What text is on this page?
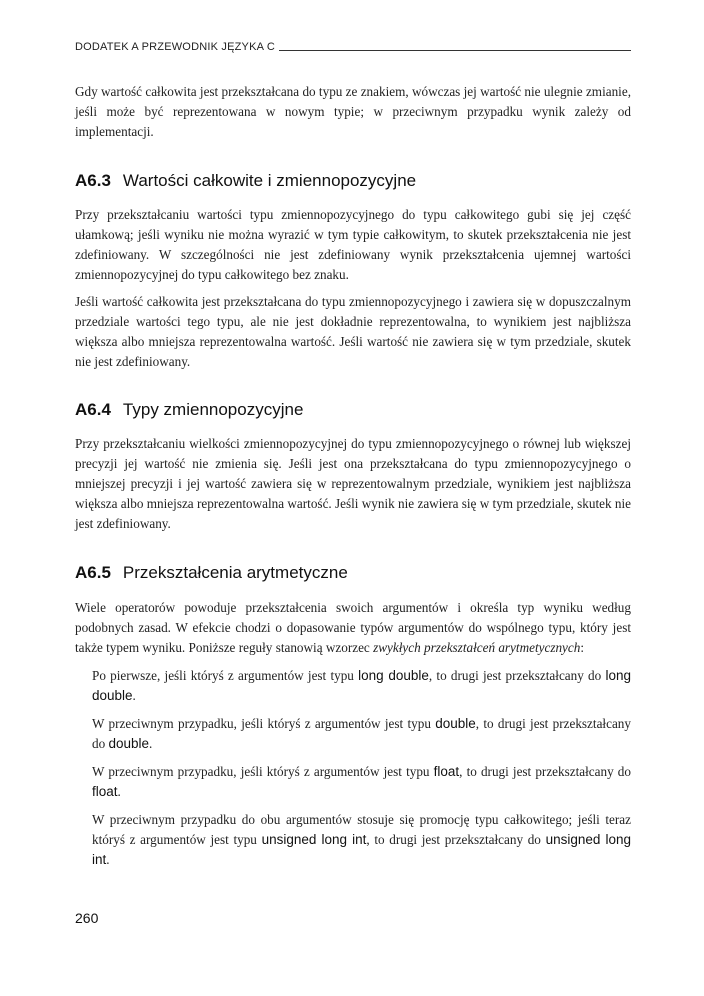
DODATEK A PRZEWODNIK JĘZYKA C

Gdy wartość całkowita jest przekształcana do typu ze znakiem, wówczas jej wartość nie ulegnie zmianie, jeśli może być reprezentowana w nowym typie; w przeciwnym przypadku wynik zależy od implementacji.

A6.3 Wartości całkowite i zmiennopozycyjne

Przy przekształcaniu wartości typu zmiennopozycyjnego do typu całkowitego gubi się jej część ułamkową; jeśli wyniku nie można wyrazić w tym typie całkowitym, to skutek przekształcenia nie jest zdefiniowany. W szczególności nie jest zdefiniowany wynik przekształcenia ujemnej wartości zmiennopozycyjnej do typu całkowitego bez znaku.

Jeśli wartość całkowita jest przekształcana do typu zmiennopozycyjnego i zawiera się w dopuszczalnym przedziale wartości tego typu, ale nie jest dokładnie reprezentowalna, to wynikiem jest najbliższa większa albo mniejsza reprezentowalna wartość. Jeśli wartość nie zawiera się w tym przedziale, skutek nie jest zdefiniowany.

A6.4 Typy zmiennopozycyjne

Przy przekształcaniu wielkości zmiennopozycyjnej do typu zmiennopozycyjnego o równej lub większej precyzji jej wartość nie zmienia się. Jeśli jest ona przekształcana do typu zmiennopozycyjnego o mniejszej precyzji i jej wartość zawiera się w reprezentowalnym przedziale, wynikiem jest najbliższa większa albo mniejsza reprezentowalna wartość. Jeśli wynik nie zawiera się w tym przedziale, skutek nie jest zdefiniowany.

A6.5 Przekształcenia arytmetyczne

Wiele operatorów powoduje przekształcenia swoich argumentów i określa typ wyniku według podobnych zasad. W efekcie chodzi o dopasowanie typów argumentów do wspólnego typu, który jest także typem wyniku. Poniższe reguły stanowią wzorzec zwykłych przekształceń arytmetycznych:

Po pierwsze, jeśli któryś z argumentów jest typu long double, to drugi jest przekształcany do long double.

W przeciwnym przypadku, jeśli któryś z argumentów jest typu double, to drugi jest przekształcany do double.

W przeciwnym przypadku, jeśli któryś z argumentów jest typu float, to drugi jest przekształcany do float.

W przeciwnym przypadku do obu argumentów stosuje się promocję typu całkowitego; jeśli teraz któryś z argumentów jest typu unsigned long int, to drugi jest przekształcany do unsigned long int.

260
